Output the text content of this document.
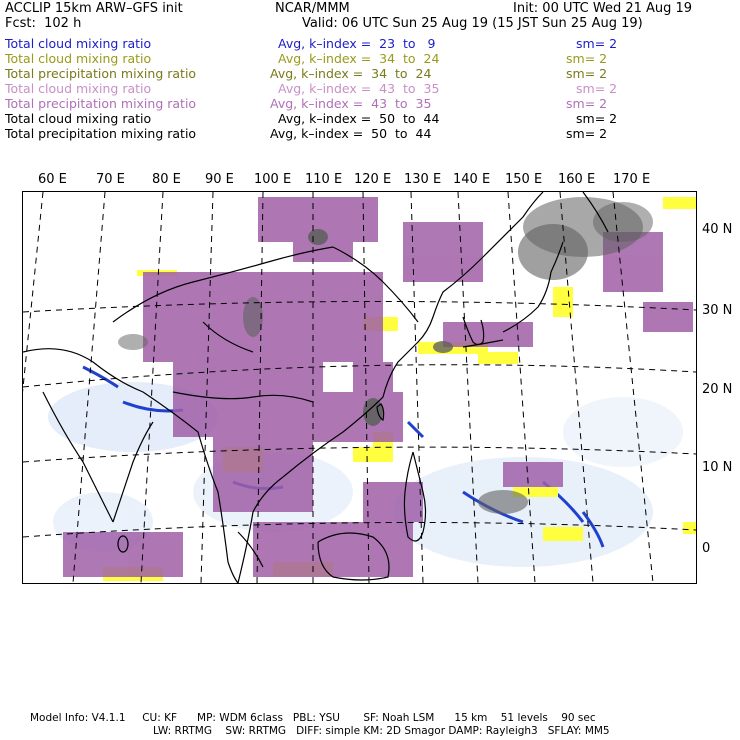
ACCLIP 15km ARW–GFS init	NCAR/MMM	Init: 00 UTC Wed 21 Aug 19
Fcst:  102 h	Valid: 06 UTC Sun 25 Aug 19 (15 JST Sun 25 Aug 19)
Total cloud mixing ratio	Avg, k–index =  23  to   9	sm= 2
Total cloud mixing ratio	Avg, k–index =  34  to  24	sm= 2
Total precipitation mixing ratio	Avg, k–index =  34  to  24	sm= 2
Total cloud mixing ratio	Avg, k–index =  43  to  35	sm= 2
Total precipitation mixing ratio	Avg, k–index =  43  to  35	sm= 2
Total cloud mixing ratio	Avg, k–index =  50  to  44	sm= 2
Total precipitation mixing ratio	Avg, k–index =  50  to  44	sm= 2
60 E 70 E 80 E 90 E 100 E 110 E 120 E 130 E 140 E 150 E 160 E 170 E
40 N
30 N
20 N
10 N
0
Model Info: V4.1.1     CU: KF      MP: WDM 6class   PBL: YSU       SF: Noah LSM      15 km    51 levels    90 sec
LW: RRTMG    SW: RRTMG   DIFF: simple KM: 2D Smagor DAMP: Rayleigh3   SFLAY: MM5
